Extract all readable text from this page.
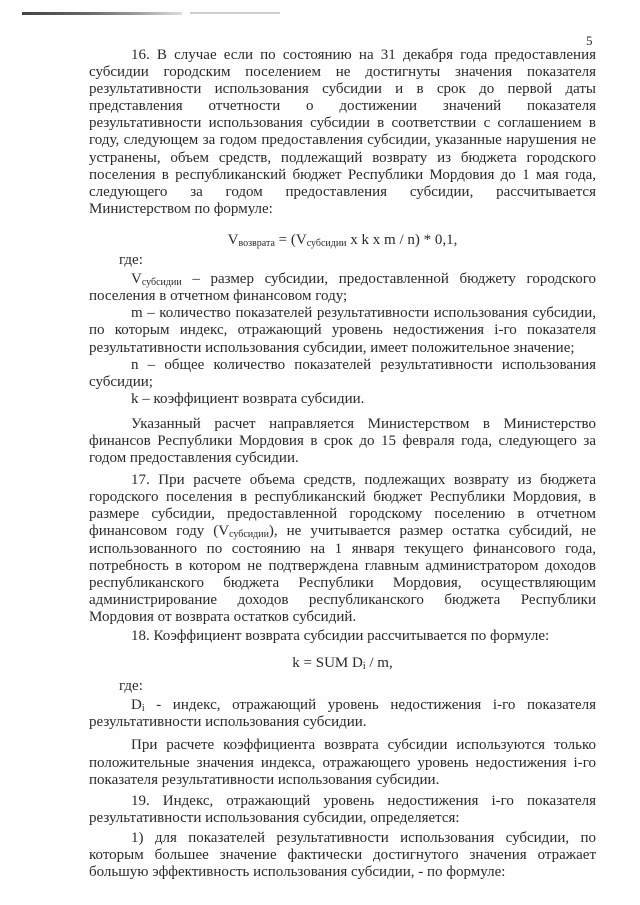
5

16. В случае если по состоянию на 31 декабря года предоставления субсидии городским поселением не достигнуты значения показателя результативности использования субсидии и в срок до первой даты представления отчетности о достижении значений показателя результативности использования субсидии в соответствии с соглашением в году, следующем за годом предоставления субсидии, указанные нарушения не устранены, объем средств, подлежащий возврату из бюджета городского поселения в республиканский бюджет Республики Мордовия до 1 мая года, следующего за годом предоставления субсидии, рассчитывается Министерством по формуле:

$V_{возврата} = (V_{субсидии}$ x k x m / n) * 0,1,

где:

$V_{субсидии}$ – размер субсидии, предоставленной бюджету городского поселения в отчетном финансовом году;

m – количество показателей результативности использования субсидии, по которым индекс, отражающий уровень недостижения i-го показателя результативности использования субсидии, имеет положительное значение;

n – общее количество показателей результативности использования субсидии;

k – коэффициент возврата субсидии.

Указанный расчет направляется Министерством в Министерство финансов Республики Мордовия в срок до 15 февраля года, следующего за годом предоставления субсидии.

17. При расчете объема средств, подлежащих возврату из бюджета городского поселения в республиканский бюджет Республики Мордовия, в размере субсидии, предоставленной городскому поселению в отчетном финансовом году $(V_{субсидии})$, не учитывается размер остатка субсидий, не использованного по состоянию на 1 января текущего финансового года, потребность в котором не подтверждена главным администратором доходов республиканского бюджета Республики Мордовия, осуществляющим администрирование доходов республиканского бюджета Республики Мордовия от возврата остатков субсидий.

18. Коэффициент возврата субсидии рассчитывается по формуле:

k = SUM $D_i$ / m,

где:

$D_i$ - индекс, отражающий уровень недостижения i-го показателя результативности использования субсидии.

При расчете коэффициента возврата субсидии используются только положительные значения индекса, отражающего уровень недостижения i-го показателя результативности использования субсидии.

19. Индекс, отражающий уровень недостижения i-го показателя результативности использования субсидии, определяется:

1) для показателей результативности использования субсидии, по которым большее значение фактически достигнутого значения отражает большую эффективность использования субсидии, - по формуле:
